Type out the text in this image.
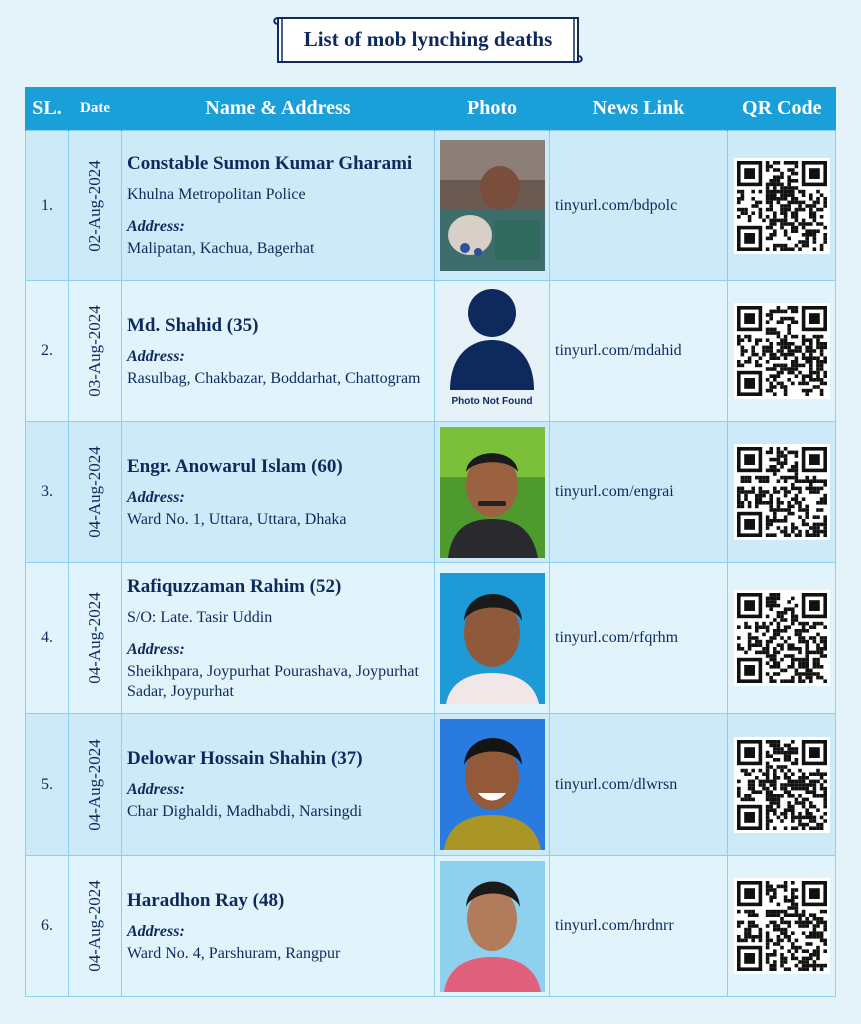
List of mob lynching deaths
SL.	Date	Name & Address	Photo	News Link	QR Code
1.	02-Aug-2024	Constable Sumon Kumar Gharami
Khulna Metropolitan Police
Address:
Malipatan, Kachua, Bagerhat		tinyurl.com/bdpolc	

2.	03-Aug-2024	Md. Shahid (35)
Address:
Rasulbag, Chakbazar, Boddarhat, Chattogram	Photo Not Found	tinyurl.com/mdahid	

3.	04-Aug-2024	Engr. Anowarul Islam (60)
Address:
Ward No. 1, Uttara, Uttara, Dhaka		tinyurl.com/engrai	

4.	04-Aug-2024	Rafiquzzaman Rahim (52)
S/O: Late. Tasir Uddin
Address:
Sheikhpara, Joypurhat Pourashava, Joypurhat Sadar, Joypurhat		tinyurl.com/rfqrhm	

5.	04-Aug-2024	Delowar Hossain Shahin (37)
Address:
Char Dighaldi, Madhabdi, Narsingdi		tinyurl.com/dlwrsn	

6.	04-Aug-2024	Haradhon Ray (48)
Address:
Ward No. 4, Parshuram, Rangpur		tinyurl.com/hrdnrr	
